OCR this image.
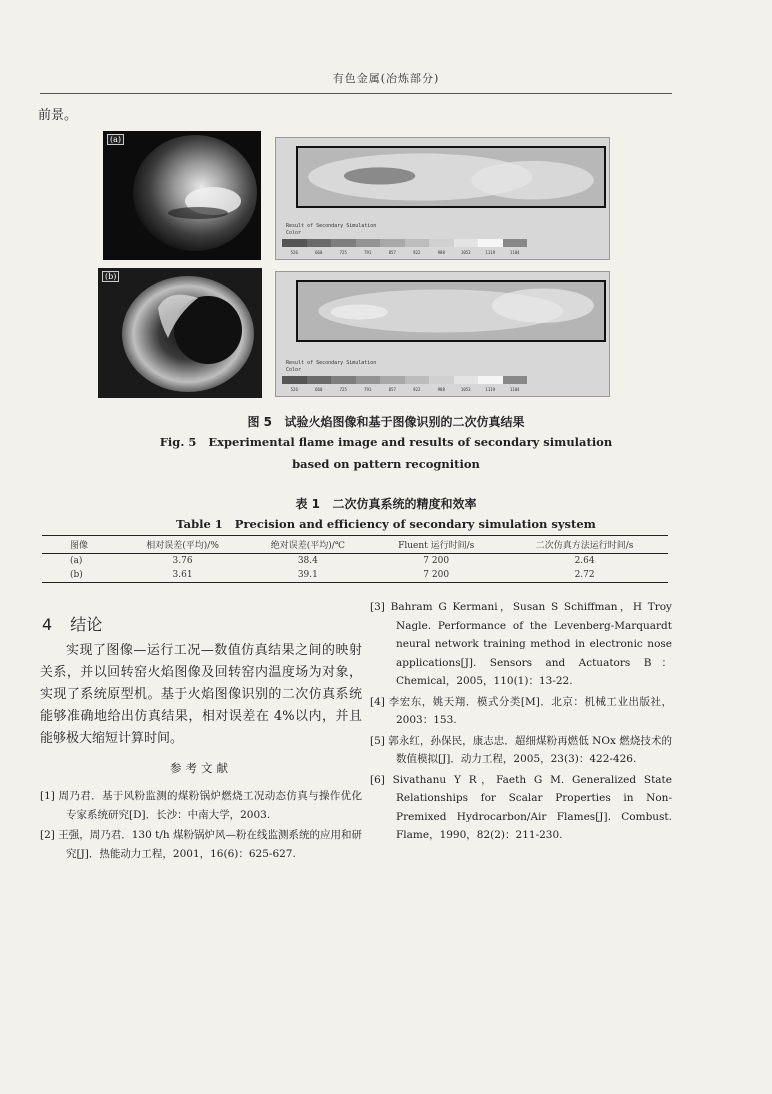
有色金属(冶炼部分)
前景。
(a)
Result of Secondary Simulation
Color
526	660	725	791	857	922	988	1053	1119	1184
(b)
Result of Secondary Simulation
Color
526	660	725	791	857	922	988	1053	1119	1184
图 5   试验火焰图像和基于图像识别的二次仿真结果
Fig. 5   Experimental flame image and results of secondary simulation
based on pattern recognition
表 1   二次仿真系统的精度和效率
Table 1   Precision and efficiency of secondary simulation system
图像	相对误差(平均)/%	绝对误差(平均)/℃	Fluent 运行时间/s	二次仿真方法运行时间/s
(a)	3.76	38.4	7 200	2.64
(b)	3.61	39.1	7 200	2.72
4 结论
实现了图像—运行工况—数值仿真结果之间的映射关系，并以回转窑火焰图像及回转窑内温度场为对象，实现了系统原型机。基于火焰图像识别的二次仿真系统能够准确地给出仿真结果，相对误差在 4%以内，并且能够极大缩短计算时间。
参考文献
[1] 周乃君．基于风粉监测的煤粉锅炉燃烧工况动态仿真与操作优化专家系统研究[D]．长沙：中南大学，2003.
[2] 王强，周乃君．130 t/h 煤粉锅炉风—粉在线监测系统的应用和研究[J]．热能动力工程，2001，16(6)：625-627.
[3] Bahram G Kermani，Susan S Schiffman，H Troy Nagle. Performance of the Levenberg-Marquardt neural network training method in electronic nose applications[J]. Sensors and Actuators B：Chemical，2005，110(1)：13-22.
[4] 李宏东，姚天翔．模式分类[M]．北京：机械工业出版社，2003：153.
[5] 郭永红，孙保民，康志忠．超细煤粉再燃低 NOx 燃烧技术的数值模拟[J]．动力工程，2005，23(3)：422-426.
[6] Sivathanu Y R，Faeth G M. Generalized State Relationships for Scalar Properties in Non-Premixed Hydrocarbon/Air Flames[J]. Combust. Flame，1990，82(2)：211-230.
